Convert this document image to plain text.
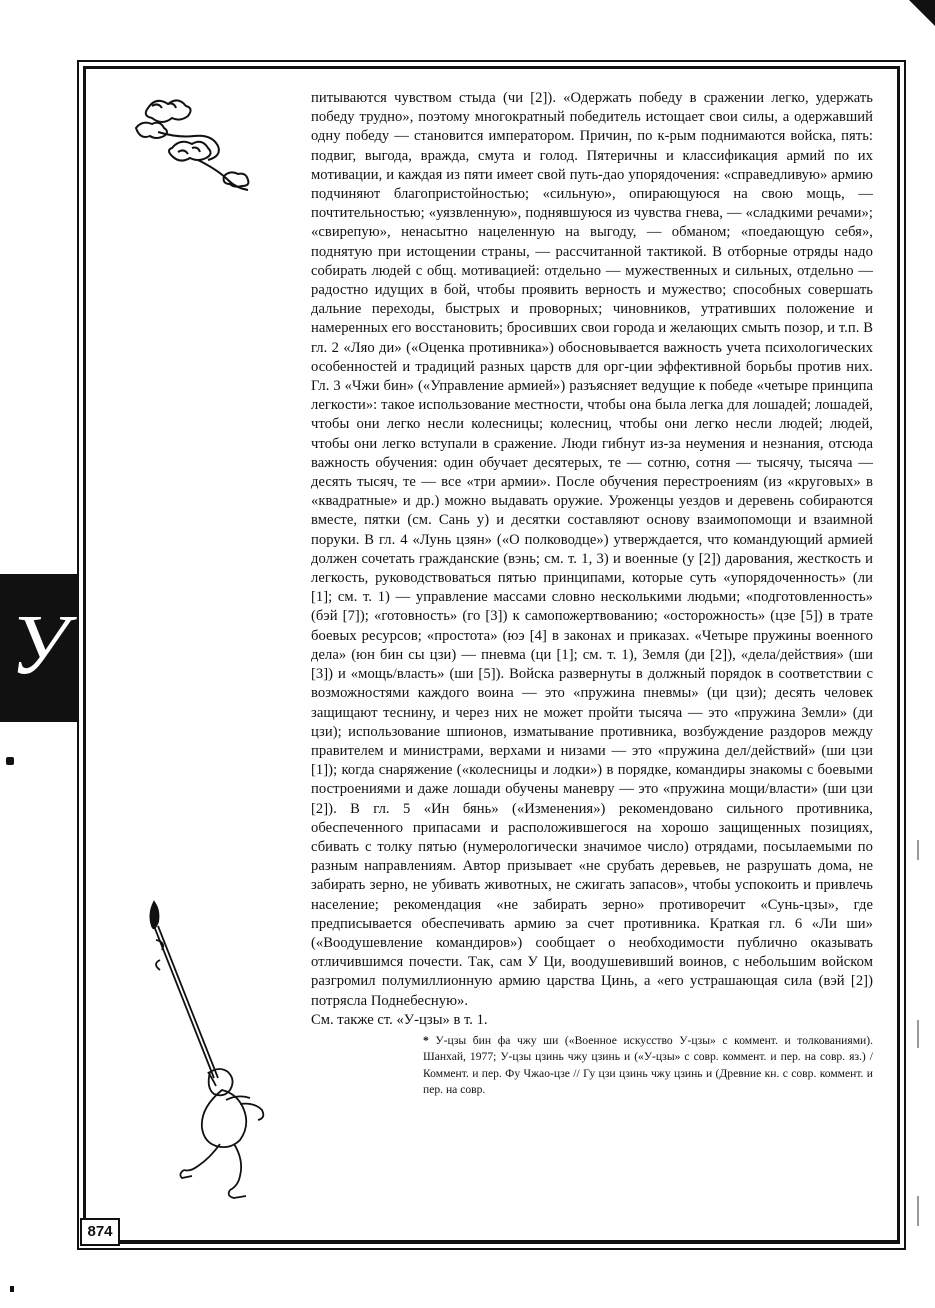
У

питываются чувством стыда (чи [2]). «Одержать победу в сражении легко, удержать победу трудно», поэтому многократный победитель истощает свои силы, а одержавший одну победу — становится императором. Причин, по к-рым поднимаются войска, пять: подвиг, выгода, вражда, смута и голод. Пятеричны и классификация армий по их мотивации, и каждая из пяти имеет свой путь-дао упорядочения: «справедливую» армию подчиняют благопристойностью; «сильную», опирающуюся на свою мощь, — почтительностью; «уязвленную», поднявшуюся из чувства гнева, — «сладкими речами»; «свирепую», ненасытно нацеленную на выгоду, — обманом; «поедающую себя», поднятую при истощении страны, — рассчитанной тактикой. В отборные отряды надо собирать людей с общ. мотивацией: отдельно — мужественных и сильных, отдельно — радостно идущих в бой, чтобы проявить верность и мужество; способных совершать дальние переходы, быстрых и проворных; чиновников, утративших положение и намеренных его восстановить; бросивших свои города и желающих смыть позор, и т.п. В гл. 2 «Ляо ди» («Оценка противника») обосновывается важность учета психологических особенностей и традиций разных царств для орг-ции эффективной борьбы против них. Гл. 3 «Чжи бин» («Управление армией») разъясняет ведущие к победе «четыре принципа легкости»: такое использование местности, чтобы она была легка для лошадей; лошадей, чтобы они легко несли колесницы; колесниц, чтобы они легко несли людей; людей, чтобы они легко вступали в сражение. Люди гибнут из-за неумения и незнания, отсюда важность обучения: один обучает десятерых, те — сотню, сотня — тысячу, тысяча — десять тысяч, те — все «три армии». После обучения перестроениям (из «круговых» в «квадратные» и др.) можно выдавать оружие. Уроженцы уездов и деревень собираются вместе, пятки (см. Сань у) и десятки составляют основу взаимопомощи и взаимной поруки. В гл. 4 «Лунь цзян» («О полководце») утверждается, что командующий армией должен сочетать гражданские (вэнь; см. т. 1, 3) и военные (у [2]) дарования, жесткость и легкость, руководствоваться пятью принципами, которые суть «упорядоченность» (ли [1]; см. т. 1) — управление массами словно несколькими людьми; «подготовленность» (бэй [7]); «готовность» (го [3]) к самопожертвованию; «осторожность» (цзе [5]) в трате боевых ресурсов; «простота» (юэ [4] в законах и приказах. «Четыре пружины военного дела» (юн бин сы цзи) — пневма (ци [1]; см. т. 1), Земля (ди [2]), «дела/действия» (ши [3]) и «мощь/власть» (ши [5]). Войска развернуты в должный порядок в соответствии с возможностями каждого воина — это «пружина пневмы» (ци цзи); десять человек защищают теснину, и через них не может пройти тысяча — это «пружина Земли» (ди цзи); использование шпионов, изматывание противника, возбуждение раздоров между правителем и министрами, верхами и низами — это «пружина дел/действий» (ши цзи [1]); когда снаряжение («колесницы и лодки») в порядке, командиры знакомы с боевыми построениями и даже лошади обучены маневру — это «пружина мощи/власти» (ши цзи [2]). В гл. 5 «Ин бянь» («Изменения») рекомендовано сильного противника, обеспеченного припасами и расположившегося на хорошо защищенных позициях, сбивать с толку пятью (нумерологически значимое число) отрядами, посылаемыми по разным направлениям. Автор призывает «не срубать деревьев, не разрушать дома, не забирать зерно, не убивать животных, не сжигать запасов», чтобы успокоить и привлечь население; рекомендация «не забирать зерно» противоречит «Сунь-цзы», где предписывается обеспечивать армию за счет противника. Краткая гл. 6 «Ли ши» («Воодушевление командиров») сообщает о необходимости публично оказывать отличившимся почести. Так, сам У Ци, воодушевивший воинов, с небольшим войском разгромил полумиллионную армию царства Цинь, а «его устрашающая сила (вэй [2]) потрясла Поднебесную».

См. также ст. «У-цзы» в т. 1.

* У-цзы бин фа чжу ши («Военное искусство У-цзы» с коммент. и толкованиями). Шанхай, 1977; У-цзы цзинь чжу цзинь и («У-цзы» с совр. коммент. и пер. на совр. яз.) / Коммент. и пер. Фу Чжао-цзе // Гу цзи цзинь чжу цзинь и (Древние кн. с совр. коммент. и пер. на совр.
874
